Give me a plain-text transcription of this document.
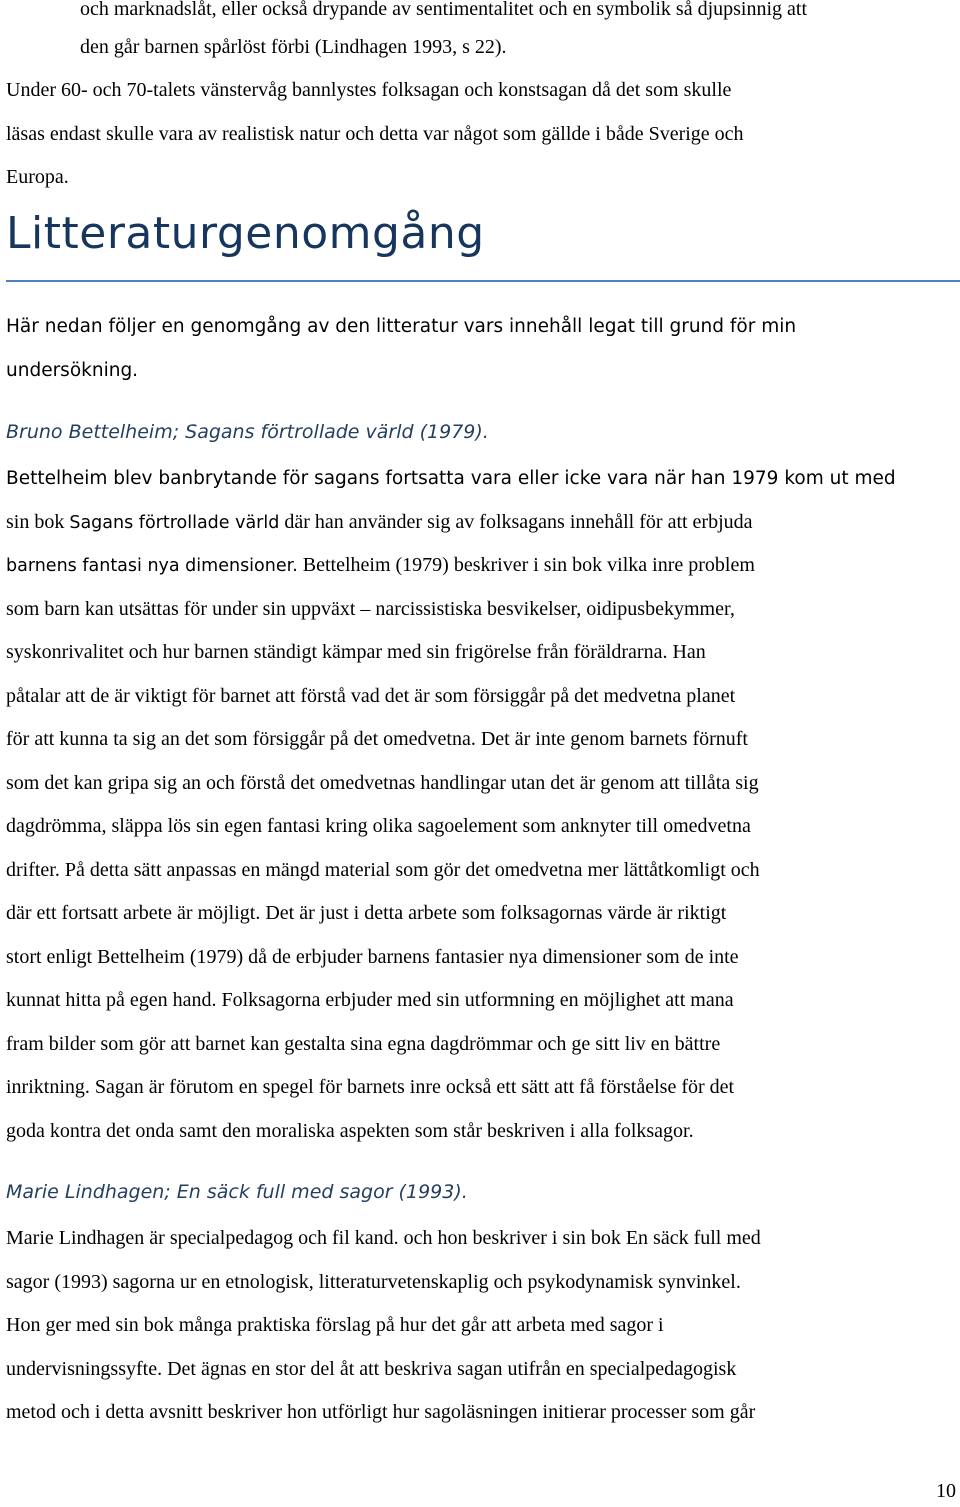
och marknadslåt, eller också drypande av sentimentalitet och en symbolik så djupsinnig att
den går barnen spårlöst förbi (Lindhagen 1993, s 22).
Under 60- och 70-talets vänstervåg bannlystes folksagan och konstsagan då det som skulle
läsas endast skulle vara av realistisk natur och detta var något som gällde i både Sverige och
Europa.
Litteraturgenomgång
Här nedan följer en genomgång av den litteratur vars innehåll legat till grund för min
undersökning.
Bruno Bettelheim; Sagans förtrollade värld (1979).
Bettelheim blev banbrytande för sagans fortsatta vara eller icke vara när han 1979 kom ut med
sin bok Sagans förtrollade värld där han använder sig av folksagans innehåll för att erbjuda
barnens fantasi nya dimensioner. Bettelheim (1979) beskriver i sin bok vilka inre problem
som barn kan utsättas för under sin uppväxt – narcissistiska besvikelser, oidipusbekymmer,
syskonrivalitet och hur barnen ständigt kämpar med sin frigörelse från föräldrarna. Han
påtalar att de är viktigt för barnet att förstå vad det är som försiggår på det medvetna planet
för att kunna ta sig an det som försiggår på det omedvetna. Det är inte genom barnets förnuft
som det kan gripa sig an och förstå det omedvetnas handlingar utan det är genom att tillåta sig
dagdrömma, släppa lös sin egen fantasi kring olika sagoelement som anknyter till omedvetna
drifter. På detta sätt anpassas en mängd material som gör det omedvetna mer lättåtkomligt och
där ett fortsatt arbete är möjligt. Det är just i detta arbete som folksagornas värde är riktigt
stort enligt Bettelheim (1979) då de erbjuder barnens fantasier nya dimensioner som de inte
kunnat hitta på egen hand. Folksagorna erbjuder med sin utformning en möjlighet att mana
fram bilder som gör att barnet kan gestalta sina egna dagdrömmar och ge sitt liv en bättre
inriktning. Sagan är förutom en spegel för barnets inre också ett sätt att få förståelse för det
goda kontra det onda samt den moraliska aspekten som står beskriven i alla folksagor.
Marie Lindhagen; En säck full med sagor (1993).
Marie Lindhagen är specialpedagog och fil kand. och hon beskriver i sin bok En säck full med
sagor (1993) sagorna ur en etnologisk, litteraturvetenskaplig och psykodynamisk synvinkel.
Hon ger med sin bok många praktiska förslag på hur det går att arbeta med sagor i
undervisningssyfte. Det ägnas en stor del åt att beskriva sagan utifrån en specialpedagogisk
metod och i detta avsnitt beskriver hon utförligt hur sagoläsningen initierar processer som går

10
